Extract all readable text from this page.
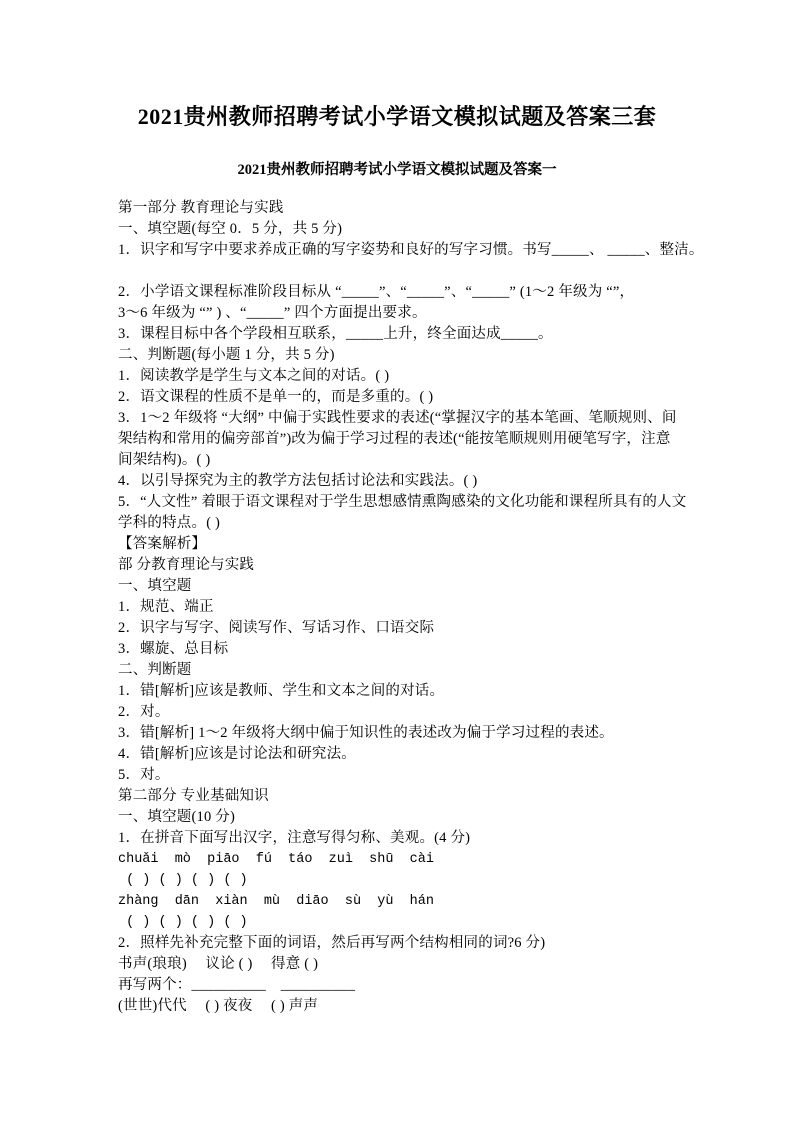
2021贵州教师招聘考试小学语文模拟试题及答案三套
2021贵州教师招聘考试小学语文模拟试题及答案一

第一部分 教育理论与实践

一、填空题(每空 0．5 分，共 5 分)

1．识字和写字中要求养成正确的写字姿势和良好的写字习惯。书写_____、 _____、整洁。

2．小学语文课程标准阶段目标从 “_____”、“_____”、“_____” (1～2 年级为 “”，

3～6 年级为 “” ) 、“_____” 四个方面提出要求。

3．课程目标中各个学段相互联系，_____上升，终全面达成_____。

二、判断题(每小题 1 分，共 5 分)

1．阅读教学是学生与文本之间的对话。( )

2．语文课程的性质不是单一的，而是多重的。( )

3．1～2 年级将 “大纲” 中偏于实践性要求的表述(“掌握汉字的基本笔画、笔顺规则、间

架结构和常用的偏旁部首”)改为偏于学习过程的表述(“能按笔顺规则用硬笔写字，注意

间架结构)。( )

4．以引导探究为主的教学方法包括讨论法和实践法。( )

5．“人文性” 着眼于语文课程对于学生思想感情熏陶感染的文化功能和课程所具有的人文

学科的特点。( )

【答案解析】

部 分教育理论与实践

一、填空题

1．规范、端正

2．识字与写字、阅读写作、写话习作、口语交际

3．螺旋、总目标

二、判断题

1．错[解析]应该是教师、学生和文本之间的对话。

2．对。

3．错[解析] 1～2 年级将大纲中偏于知识性的表述改为偏于学习过程的表述。

4．错[解析]应该是讨论法和研究法。

5．对。

第二部分 专业基础知识

一、填空题(10 分)

1．在拼音下面写出汉字，注意写得匀称、美观。(4 分)

chuǎi  mò  piāo  fú  táo  zuì  shū  cài

( ) ( ) ( ) ( )

zhàng  dān  xiàn  mù  diāo  sù  yù  hán

( ) ( ) ( ) ( )

2．照样先补充完整下面的词语，然后再写两个结构相同的词?6 分)

书声(琅琅)　 议论 ( )　 得意 ( )

再写两个：__________　__________

(世世)代代　 ( ) 夜夜　 ( ) 声声
